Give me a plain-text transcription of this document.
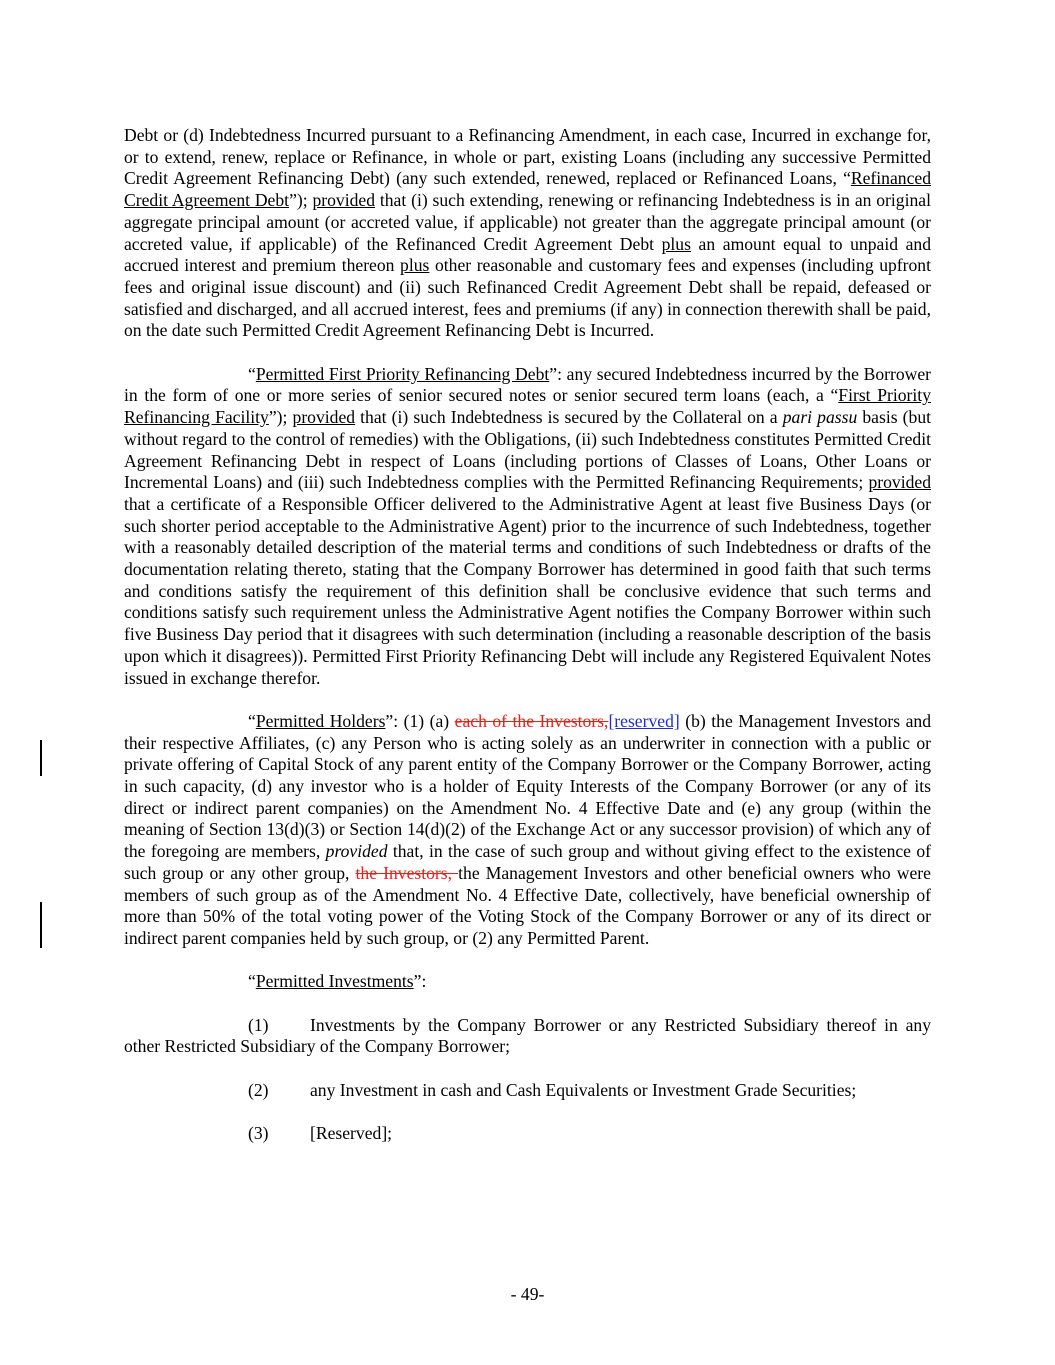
Debt or (d) Indebtedness Incurred pursuant to a Refinancing Amendment, in each case, Incurred in exchange for, or to extend, renew, replace or Refinance, in whole or part, existing Loans (including any successive Permitted Credit Agreement Refinancing Debt) (any such extended, renewed, replaced or Refinanced Loans, “Refinanced Credit Agreement Debt”); provided that (i) such extending, renewing or refinancing Indebtedness is in an original aggregate principal amount (or accreted value, if applicable) not greater than the aggregate principal amount (or accreted value, if applicable) of the Refinanced Credit Agreement Debt plus an amount equal to unpaid and accrued interest and premium thereon plus other reasonable and customary fees and expenses (including upfront fees and original issue discount) and (ii) such Refinanced Credit Agreement Debt shall be repaid, defeased or satisfied and discharged, and all accrued interest, fees and premiums (if any) in connection therewith shall be paid, on the date such Permitted Credit Agreement Refinancing Debt is Incurred.

“Permitted First Priority Refinancing Debt”: any secured Indebtedness incurred by the Borrower in the form of one or more series of senior secured notes or senior secured term loans (each, a “First Priority Refinancing Facility”); provided that (i) such Indebtedness is secured by the Collateral on a pari passu basis (but without regard to the control of remedies) with the Obligations, (ii) such Indebtedness constitutes Permitted Credit Agreement Refinancing Debt in respect of Loans (including portions of Classes of Loans, Other Loans or Incremental Loans) and (iii) such Indebtedness complies with the Permitted Refinancing Requirements; provided that a certificate of a Responsible Officer delivered to the Administrative Agent at least five Business Days (or such shorter period acceptable to the Administrative Agent) prior to the incurrence of such Indebtedness, together with a reasonably detailed description of the material terms and conditions of such Indebtedness or drafts of the documentation relating thereto, stating that the Company Borrower has determined in good faith that such terms and conditions satisfy the requirement of this definition shall be conclusive evidence that such terms and conditions satisfy such requirement unless the Administrative Agent notifies the Company Borrower within such five Business Day period that it disagrees with such determination (including a reasonable description of the basis upon which it disagrees)). Permitted First Priority Refinancing Debt will include any Registered Equivalent Notes issued in exchange therefor.

“Permitted Holders”: (1) (a) each of the Investors,[reserved] (b) the Management Investors and their respective Affiliates, (c) any Person who is acting solely as an underwriter in connection with a public or private offering of Capital Stock of any parent entity of the Company Borrower or the Company Borrower, acting in such capacity, (d) any investor who is a holder of Equity Interests of the Company Borrower (or any of its direct or indirect parent companies) on the Amendment No. 4 Effective Date and (e) any group (within the meaning of Section 13(d)(3) or Section 14(d)(2) of the Exchange Act or any successor provision) of which any of the foregoing are members, provided that, in the case of such group and without giving effect to the existence of such group or any other group, the Investors, the Management Investors and other beneficial owners who were members of such group as of the Amendment No. 4 Effective Date, collectively, have beneficial ownership of more than 50% of the total voting power of the Voting Stock of the Company Borrower or any of its direct or indirect parent companies held by such group, or (2) any Permitted Parent.

“Permitted Investments”:

(1) Investments by the Company Borrower or any Restricted Subsidiary thereof in any other Restricted Subsidiary of the Company Borrower;

(2)	any Investment in cash and Cash Equivalents or Investment Grade Securities;
(3)	[Reserved];
- 49-
